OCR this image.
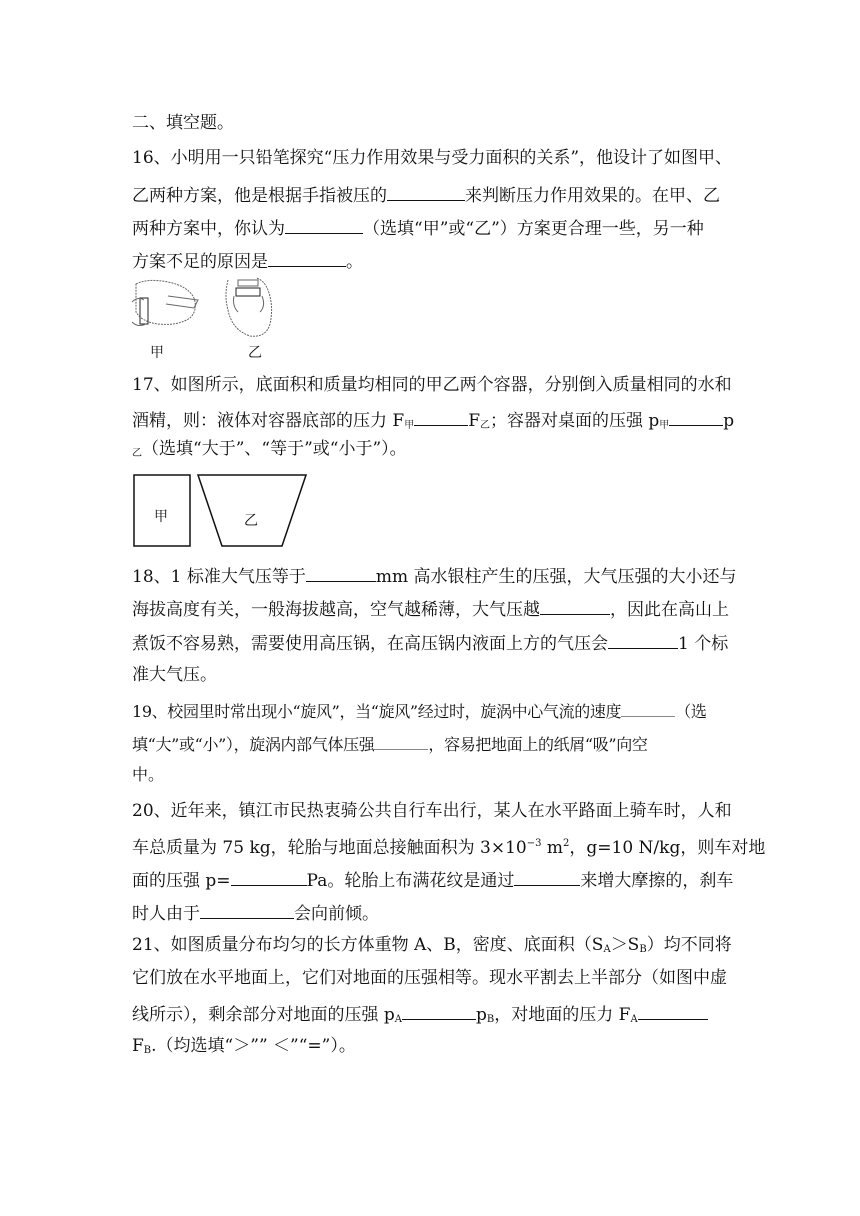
二、填空题。
16、小明用一只铅笔探究“压力作用效果与受力面积的关系”，他设计了如图甲、
乙两种方案，他是根据手指被压的	来判断压力作用效果的。在甲、乙
两种方案中，你认为	（选填“甲”或“乙”）方案更合理一些，另一种
方案不足的原因是	。
甲	乙
17、如图所示，底面积和质量均相同的甲乙两个容器，分别倒入质量相同的水和
酒精，则：液体对容器底部的压力 $F_甲$	$F_乙$；容器对桌面的压强 $p_甲$	p
$_乙$（选填“大于”、“等于”或“小于”）。
甲	乙
18、1 标准大气压等于	mm 高水银柱产生的压强，大气压强的大小还与
海拔高度有关，一般海拔越高，空气越稀薄，大气压越	，因此在高山上
煮饭不容易熟，需要使用高压锅，在高压锅内液面上方的气压会	1 个标
准大气压。
19、校园里时常出现小“旋风”，当“旋风”经过时，旋涡中心气流的速度	（选
填“大”或“小”），旋涡内部气体压强	，容易把地面上的纸屑“吸”向空
中。
20、近年来，镇江市民热衷骑公共自行车出行，某人在水平路面上骑车时，人和
车总质量为 75 kg，轮胎与地面总接触面积为 $3\times 10^{-3}$ $m^2$，g=10 N/kg，则车对地
面的压强 p=	Pa。轮胎上布满花纹是通过	来增大摩擦的，刹车
时人由于	会向前倾。
21、如图质量分布均匀的长方体重物 A、B，密度、底面积$(S_A>S_B)$均不同将
它们放在水平地面上，它们对地面的压强相等。现水平割去上半部分（如图中虚
线所示），剩余部分对地面的压强 $p_A$	$p_B$，对地面的压力 $F_A$
$F_B$.（均选填“＞”” ＜”“=”）。
